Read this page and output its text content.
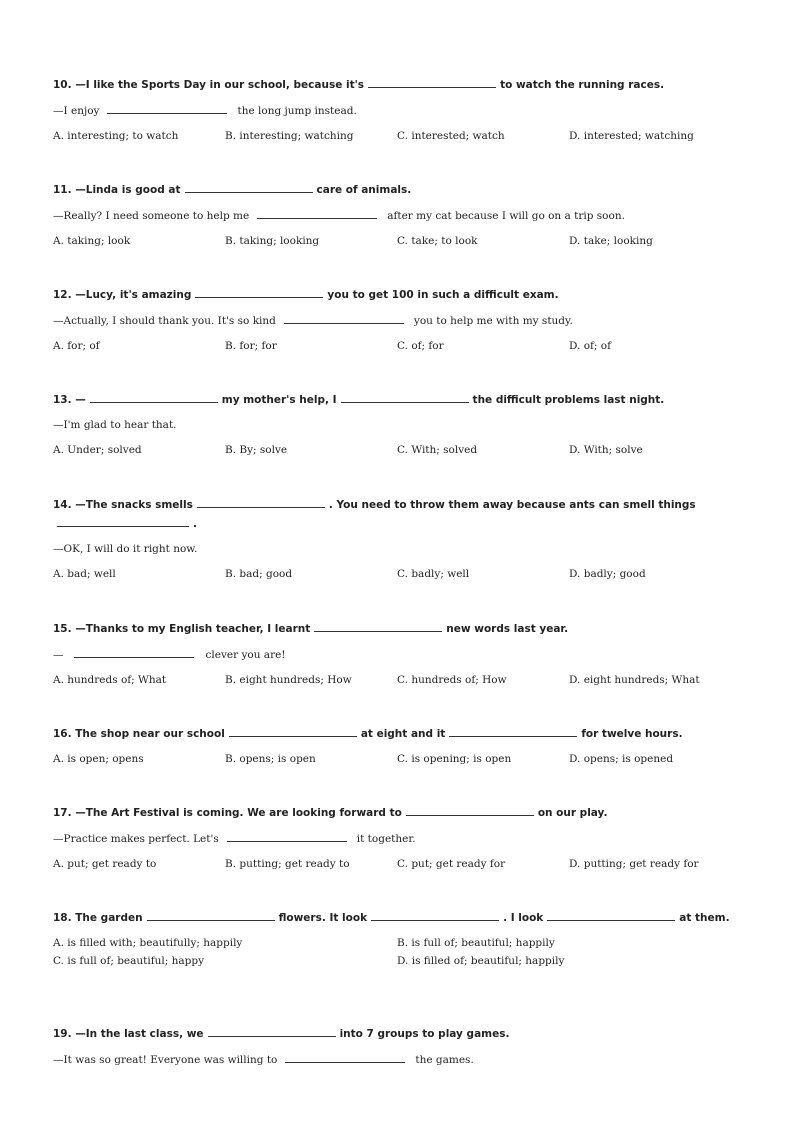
10. —I like the Sports Day in our school, because it's	to watch the running races.
—I enjoy	the long jump instead.
A. interesting; to watch	B. interesting; watching	C. interested; watch	D. interested; watching
11. —Linda is good at	care of animals.
—Really? I need someone to help me	after my cat because I will go on a trip soon.
A. taking; look	B. taking; looking	C. take; to look	D. take; looking
12. —Lucy, it's amazing	you to get 100 in such a difficult exam.
—Actually, I should thank you. It's so kind	you to help me with my study.
A. for; of	B. for; for	C. of; for	D. of; of
13. —	my mother's help, I	the difficult problems last night.
—I'm glad to hear that.
A. Under; solved	B. By; solve	C. With; solved	D. With; solve
14. —The snacks smells	. You need to throw them away because ants can smell things.
—OK, I will do it right now.
A. bad; well	B. bad; good	C. badly; well	D. badly; good
15. —Thanks to my English teacher, I learnt	new words last year.
—	clever you are!
A. hundreds of; What	B. eight hundreds; How	C. hundreds of; How	D. eight hundreds; What
16. The shop near our school	at eight and it	for twelve hours.
A. is open; opens	B. opens; is open	C. is opening; is open	D. opens; is opened
17. —The Art Festival is coming. We are looking forward to	on our play.
—Practice makes perfect. Let's	it together.
A. put; get ready to	B. putting; get ready to	C. put; get ready for	D. putting; get ready for
18. The garden	flowers. It look	. I look	at them.
A. is filled with; beautifully; happily	B. is full of; beautiful; happily
C. is full of; beautiful; happy	D. is filled of; beautiful; happily
19. —In the last class, we	into 7 groups to play games.
—It was so great! Everyone was willing to	the games.
